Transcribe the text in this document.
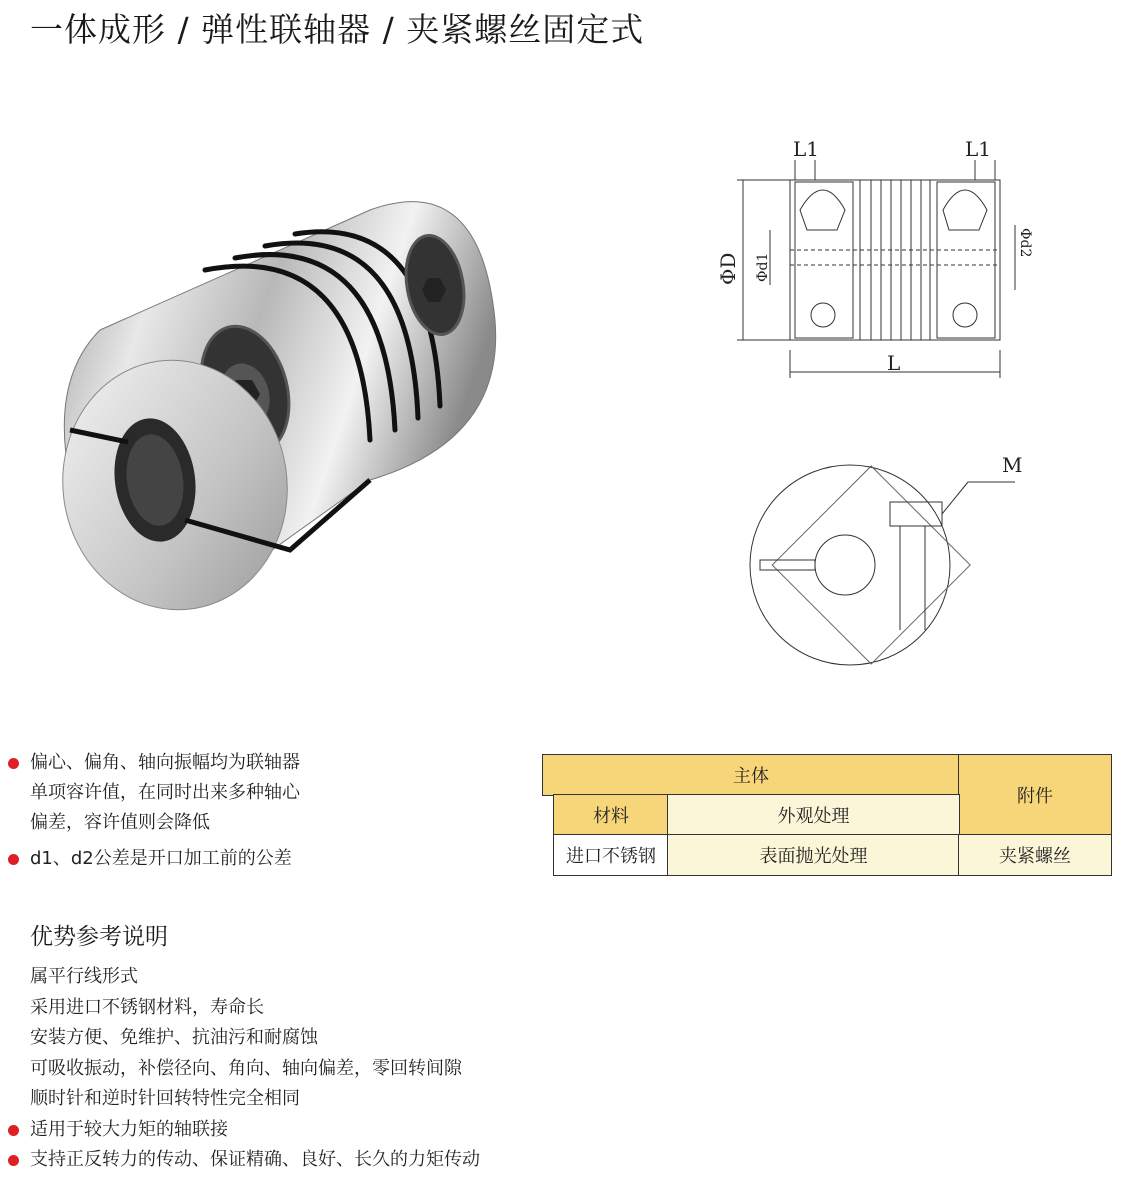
一体成形 / 弹性联轴器 / 夹紧螺丝固定式
L1	L1
ΦD Φd1
Φd2
L
M
偏心、偏角、轴向振幅均为联轴器
单项容许值，在同时出来多种轴心
偏差，容许值则会降低
d1、d2公差是开口加工前的公差
主体
附件
材料	外观处理
进口不锈钢	表面抛光处理	夹紧螺丝
优势参考说明
属平行线形式
采用进口不锈钢材料，寿命长
安装方便、免维护、抗油污和耐腐蚀
可吸收振动，补偿径向、角向、轴向偏差，零回转间隙
顺时针和逆时针回转特性完全相同
适用于较大力矩的轴联接
支持正反转力的传动、保证精确、良好、长久的力矩传动
